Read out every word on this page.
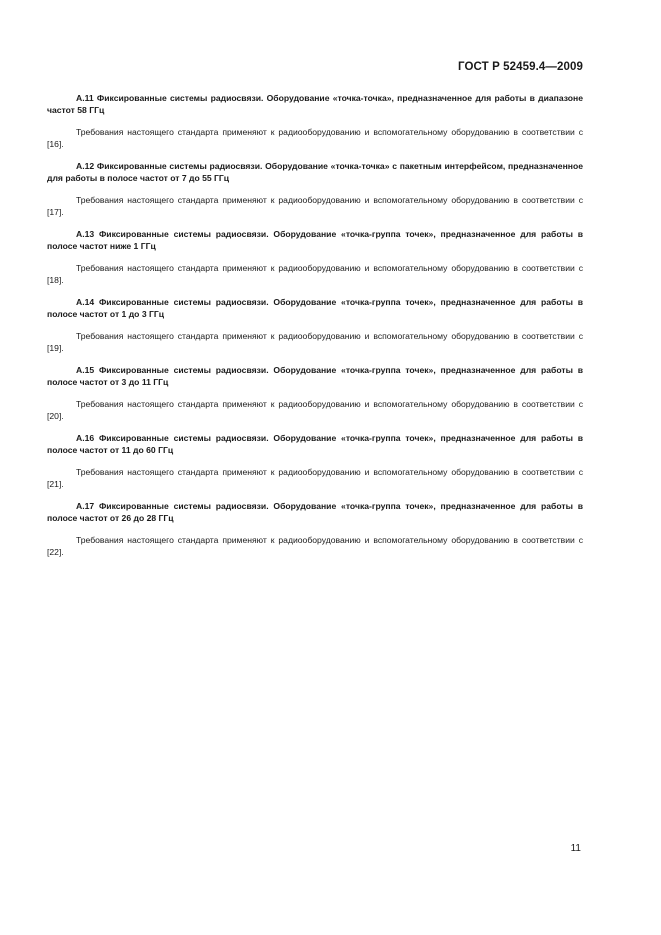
ГОСТ Р 52459.4—2009

А.11 Фиксированные системы радиосвязи. Оборудование «точка-точка», предназначенное для работы в диапазоне частот 58 ГГц

Требования настоящего стандарта применяют к радиооборудованию и вспомогательному оборудованию в соответствии с [16].

А.12 Фиксированные системы радиосвязи. Оборудование «точка-точка» с пакетным интерфейсом, предназначенное для работы в полосе частот от 7 до 55 ГГц

Требования настоящего стандарта применяют к радиооборудованию и вспомогательному оборудованию в соответствии с [17].

А.13 Фиксированные системы радиосвязи. Оборудование «точка-группа точек», предназначенное для работы в полосе частот ниже 1 ГГц

Требования настоящего стандарта применяют к радиооборудованию и вспомогательному оборудованию в соответствии с [18].

А.14 Фиксированные системы радиосвязи. Оборудование «точка-группа точек», предназначенное для работы в полосе частот от 1 до 3 ГГц

Требования настоящего стандарта применяют к радиооборудованию и вспомогательному оборудованию в соответствии с [19].

А.15 Фиксированные системы радиосвязи. Оборудование «точка-группа точек», предназначенное для работы в полосе частот от 3 до 11 ГГц

Требования настоящего стандарта применяют к радиооборудованию и вспомогательному оборудованию в соответствии с [20].

А.16 Фиксированные системы радиосвязи. Оборудование «точка-группа точек», предназначенное для работы в полосе частот от 11 до 60 ГГц

Требования настоящего стандарта применяют к радиооборудованию и вспомогательному оборудованию в соответствии с [21].

А.17 Фиксированные системы радиосвязи. Оборудование «точка-группа точек», предназначенное для работы в полосе частот от 26 до 28 ГГц

Требования настоящего стандарта применяют к радиооборудованию и вспомогательному оборудованию в соответствии с [22].

11
